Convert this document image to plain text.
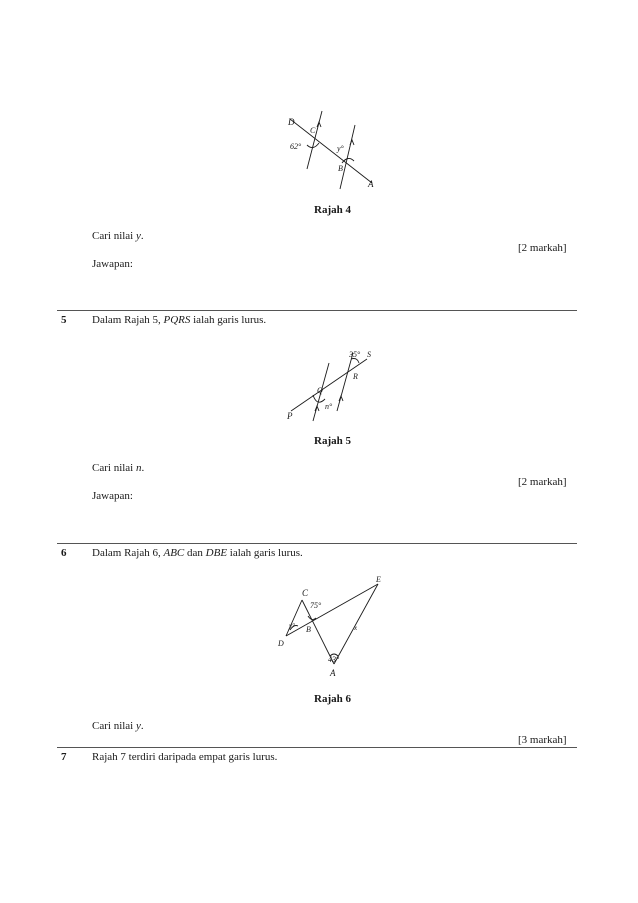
D
C
62°	y°
B
A
Rajah 4
Cari nilai y.
[2 markah]
Jawapan:
5 Dalam Rajah 5, PQRS ialah garis lurus.
35° S
R
Q
P
n°
Rajah 5
Cari nilai n.
[2 markah]
Jawapan:
6 Dalam Rajah 6, ABC dan DBE ialah garis lurus.
C
E
75°
y° B
D
x
43°
A
Rajah 6
Cari nilai y.
[3 markah]
7 Rajah 7 terdiri daripada empat garis lurus.
